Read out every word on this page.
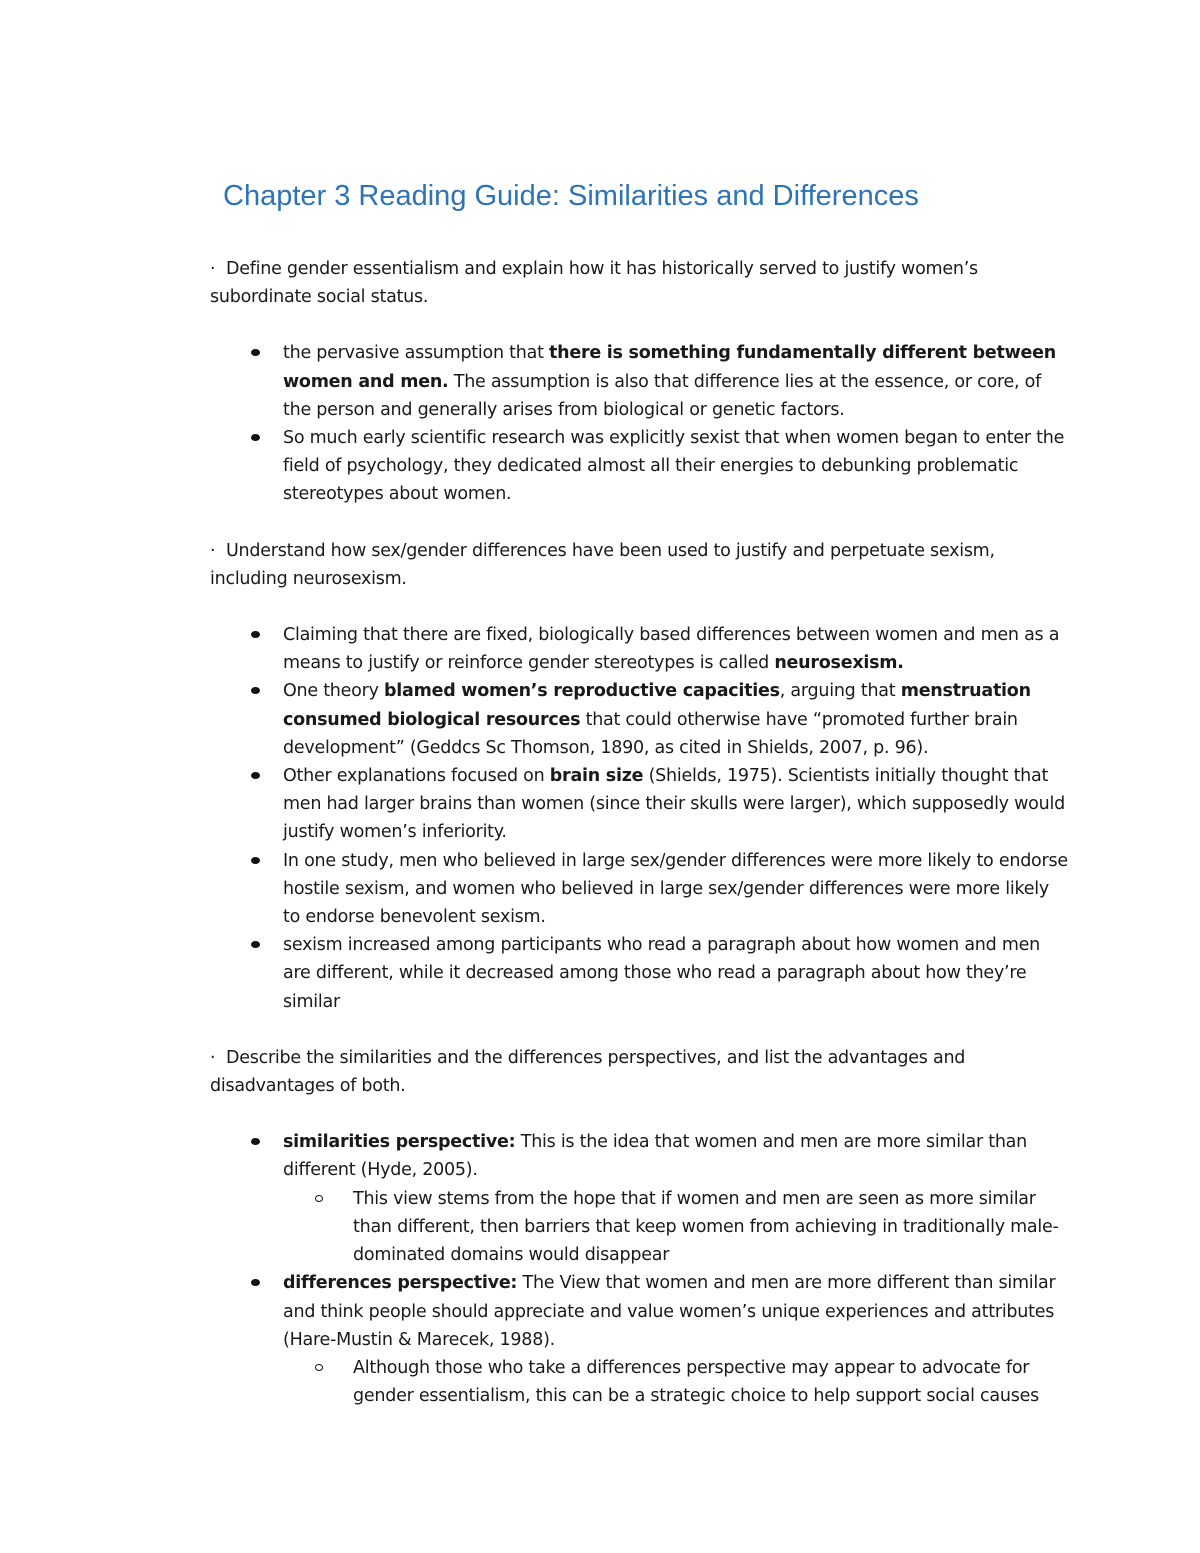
Chapter 3 Reading Guide: Similarities and Differences

· Define gender essentialism and explain how it has historically served to justify women’s subordinate social status.

the pervasive assumption that there is something fundamentally different between women and men. The assumption is also that difference lies at the essence, or core, of the person and generally arises from biological or genetic factors.
So much early scientific research was explicitly sexist that when women began to enter the field of psychology, they dedicated almost all their energies to debunking problematic stereotypes about women.

· Understand how sex/gender differences have been used to justify and perpetuate sexism, including neurosexism.

Claiming that there are fixed, biologically based differences between women and men as a means to justify or reinforce gender stereotypes is called neurosexism.
One theory blamed women’s reproductive capacities, arguing that menstruation consumed biological resources that could otherwise have “promoted further brain development” (Geddcs Sc Thomson, 1890, as cited in Shields, 2007, p. 96).
Other explanations focused on brain size (Shields, 1975). Scientists initially thought that men had larger brains than women (since their skulls were larger), which supposedly would justify women’s inferiority.
In one study, men who believed in large sex/gender differences were more likely to endorse hostile sexism, and women who believed in large sex/gender differences were more likely to endorse benevolent sexism.
sexism increased among participants who read a paragraph about how women and men are different, while it decreased among those who read a paragraph about how they’re similar

· Describe the similarities and the differences perspectives, and list the advantages and disadvantages of both.

similarities perspective: This is the idea that women and men are more similar than different (Hyde, 2005).
This view stems from the hope that if women and men are seen as more similar than different, then barriers that keep women from achieving in traditionally male-dominated domains would disappear
differences perspective: The View that women and men are more different than similar and think people should appreciate and value women’s unique experiences and attributes (Hare-Mustin & Marecek, 1988).
Although those who take a differences perspective may appear to advocate for gender essentialism, this can be a strategic choice to help support social causes
